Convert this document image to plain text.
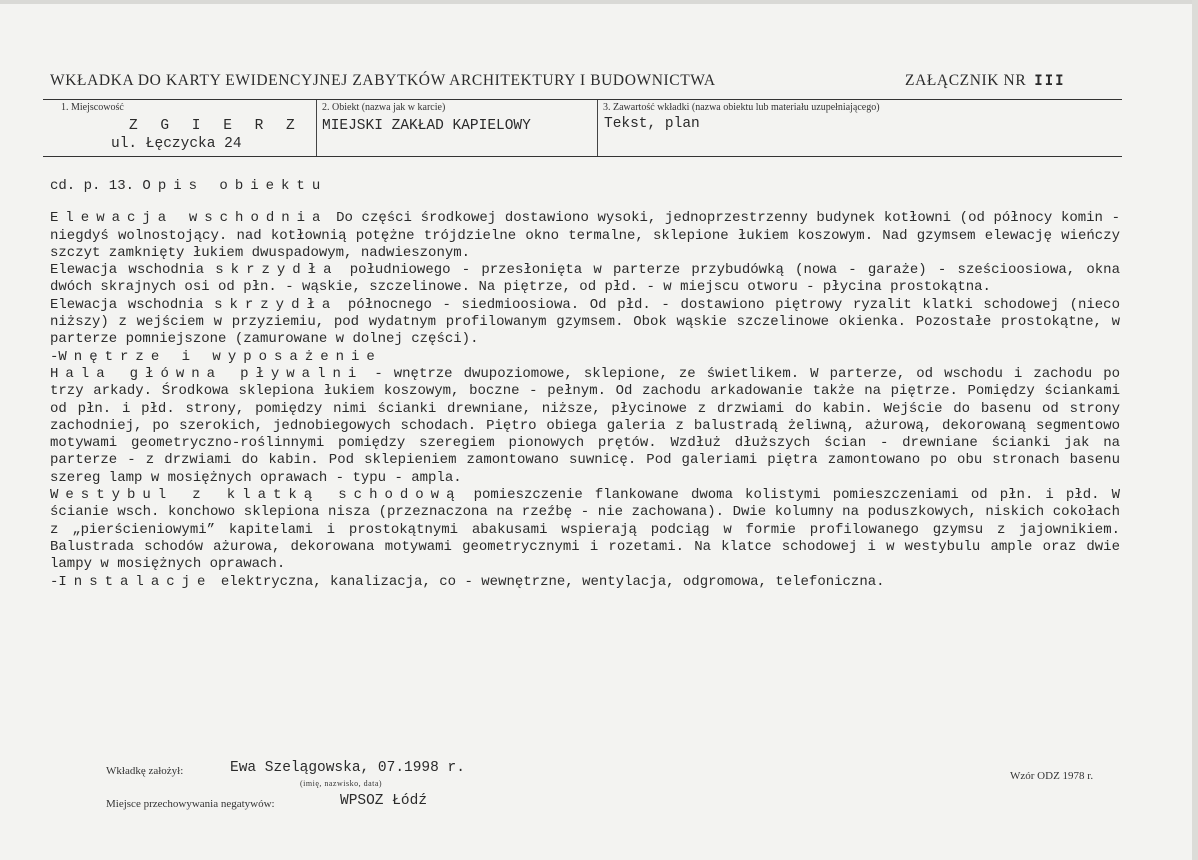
WKŁADKA DO KARTY EWIDENCYJNEJ ZABYTKÓW ARCHITEKTURY I BUDOWNICTWA	ZAŁĄCZNIK NR III
1. Miejscowość
Z G I E R Z
ul. Łęczycka 24
2. Obiekt (nazwa jak w karcie)
MIEJSKI ZAKŁAD KAPIELOWY
3. Zawartość wkładki (nazwa obiektu lub materiału uzupełniającego)
Tekst, plan

cd. p. 13. Opis obiektu

Elewacja wschodnia Do części środkowej dostawiono wysoki, jednoprzestrzenny budynek kotłowni (od północy komin - niegdyś wolnostojący. nad kotłownią potężne trójdzielne okno termalne, sklepione łukiem koszowym. Nad gzymsem elewację wieńczy szczyt zamknięty łukiem dwuspadowym, nadwieszonym.

Elewacja wschodnia skrzydła południowego - przesłonięta w parterze przybudówką (nowa - garaże) - sześcioosiowa, okna dwóch skrajnych osi od płn. - wąskie, szczelinowe. Na piętrze, od płd. - w miejscu otworu - płycina prostokątna.

Elewacja wschodnia skrzydła północnego - siedmioosiowa. Od płd. - dostawiono piętrowy ryzalit klatki schodowej (nieco niższy) z wejściem w przyziemiu, pod wydatnym profilowanym gzymsem. Obok wąskie szczelinowe okienka. Pozostałe prostokątne, w parterze pomniejszone (zamurowane w dolnej części).

-Wnętrze i wyposażenie

Hala główna pływalni - wnętrze dwupoziomowe, sklepione, ze świetlikem. W parterze, od wschodu i zachodu po trzy arkady. Środkowa sklepiona łukiem koszowym, boczne - pełnym. Od zachodu arkadowanie także na piętrze. Pomiędzy ściankami od płn. i płd. strony, pomiędzy nimi ścianki drewniane, niższe, płycinowe z drzwiami do kabin. Wejście do basenu od strony zachodniej, po szerokich, jednobiegowych schodach. Piętro obiega galeria z balustradą żeliwną, ażurową, dekorowaną segmentowo motywami geometryczno-roślinnymi pomiędzy szeregiem pionowych prętów. Wzdłuż dłuższych ścian - drewniane ścianki jak na parterze - z drzwiami do kabin. Pod sklepieniem zamontowano suwnicę. Pod galeriami piętra zamontowano po obu stronach basenu szereg lamp w mosiężnych oprawach - typu - ampla.

Westybul z klatką schodową pomieszczenie flankowane dwoma kolistymi pomieszczeniami od płn. i płd. W ścianie wsch. konchowo sklepiona nisza (przeznaczona na rzeźbę - nie zachowana). Dwie kolumny na poduszkowych, niskich cokołach z „pierścieniowymi” kapitelami i prostokątnymi abakusami wspierają podciąg w formie profilowanego gzymsu z jajownikiem. Balustrada schodów ażurowa, dekorowana motywami geometrycznymi i rozetami. Na klatce schodowej i w westybulu ample oraz dwie lampy w mosiężnych oprawach.

-Instalacje elektryczna, kanalizacja, co - wewnętrzne, wentylacja, odgromowa, telefoniczna.

Wkładkę założył:	Ewa Szelągowska, 07.1998 r.
(imię, nazwisko, data)
Miejsce przechowywania negatywów:	WPSOZ Łódź
Wzór ODZ 1978 r.
